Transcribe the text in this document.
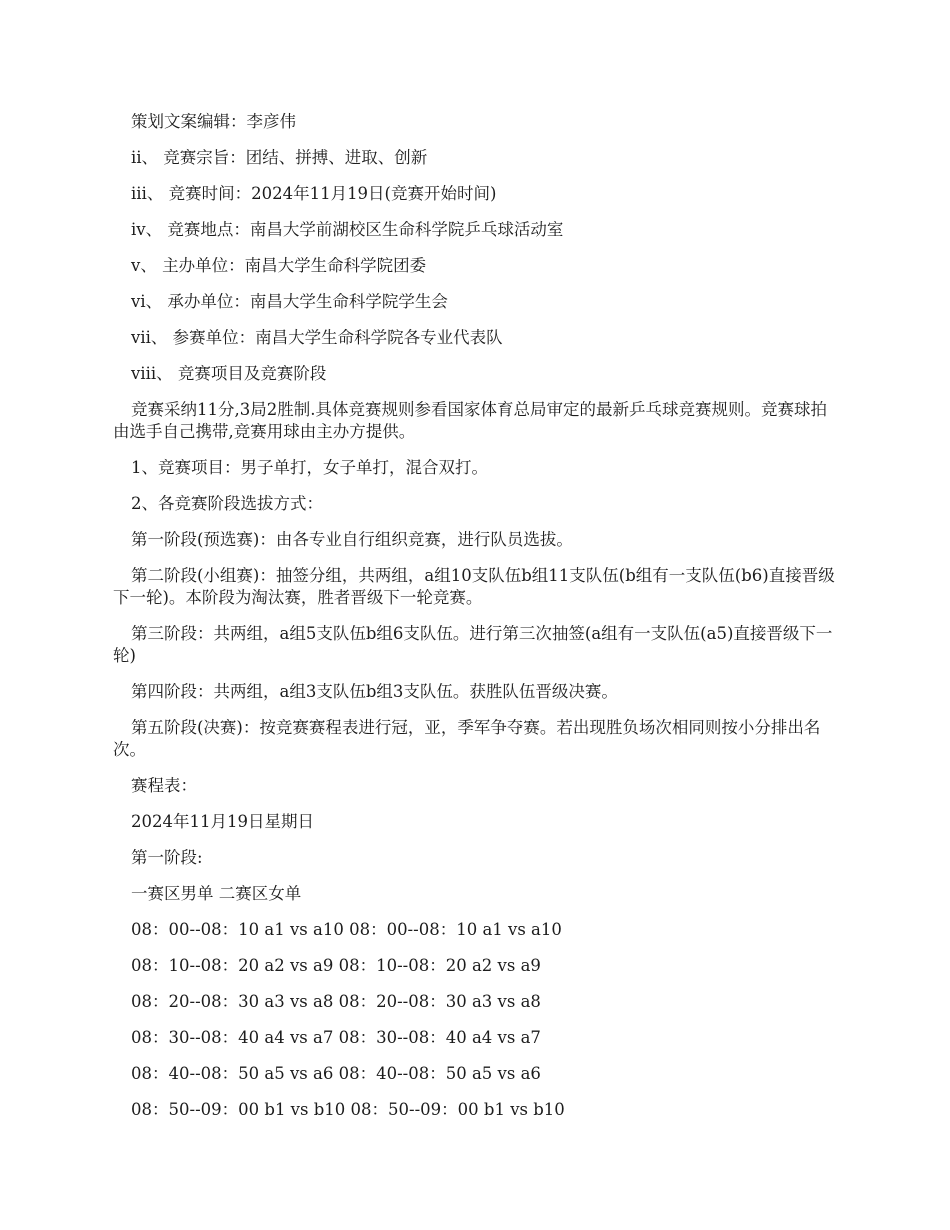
策划文案编辑：李彦伟

ⅱ、 竞赛宗旨：团结、拼搏、进取、创新

ⅲ、 竞赛时间：2024年11月19日(竞赛开始时间)

ⅳ、 竞赛地点：南昌大学前湖校区生命科学院乒乓球活动室

ⅴ、 主办单位：南昌大学生命科学院团委

ⅵ、 承办单位：南昌大学生命科学院学生会

ⅶ、 参赛单位：南昌大学生命科学院各专业代表队

ⅷ、 竞赛项目及竞赛阶段

竞赛采纳11分,3局2胜制.具体竞赛规则参看国家体育总局审定的最新乒乓球竞赛规则。竞赛球拍由选手自己携带,竞赛用球由主办方提供。

1、竞赛项目：男子单打，女子单打，混合双打。

2、各竞赛阶段选拔方式：

第一阶段(预选赛)：由各专业自行组织竞赛，进行队员选拔。

第二阶段(小组赛)：抽签分组，共两组，a组10支队伍b组11支队伍(b组有一支队伍(b6)直接晋级下一轮)。本阶段为淘汰赛，胜者晋级下一轮竞赛。

第三阶段：共两组，a组5支队伍b组6支队伍。进行第三次抽签(a组有一支队伍(a5)直接晋级下一轮)

第四阶段：共两组，a组3支队伍b组3支队伍。获胜队伍晋级决赛。

第五阶段(决赛)：按竞赛赛程表进行冠，亚，季军争夺赛。若出现胜负场次相同则按小分排出名次。

赛程表：

2024年11月19日星期日

第一阶段:

一赛区男单 二赛区女单

08：00--08：10 a1 vs a10 08：00--08：10 a1 vs a10

08：10--08：20 a2 vs a9 08：10--08：20 a2 vs a9

08：20--08：30 a3 vs a8 08：20--08：30 a3 vs a8

08：30--08：40 a4 vs a7 08：30--08：40 a4 vs a7

08：40--08：50 a5 vs a6 08：40--08：50 a5 vs a6

08：50--09：00 b1 vs b10 08：50--09：00 b1 vs b10
